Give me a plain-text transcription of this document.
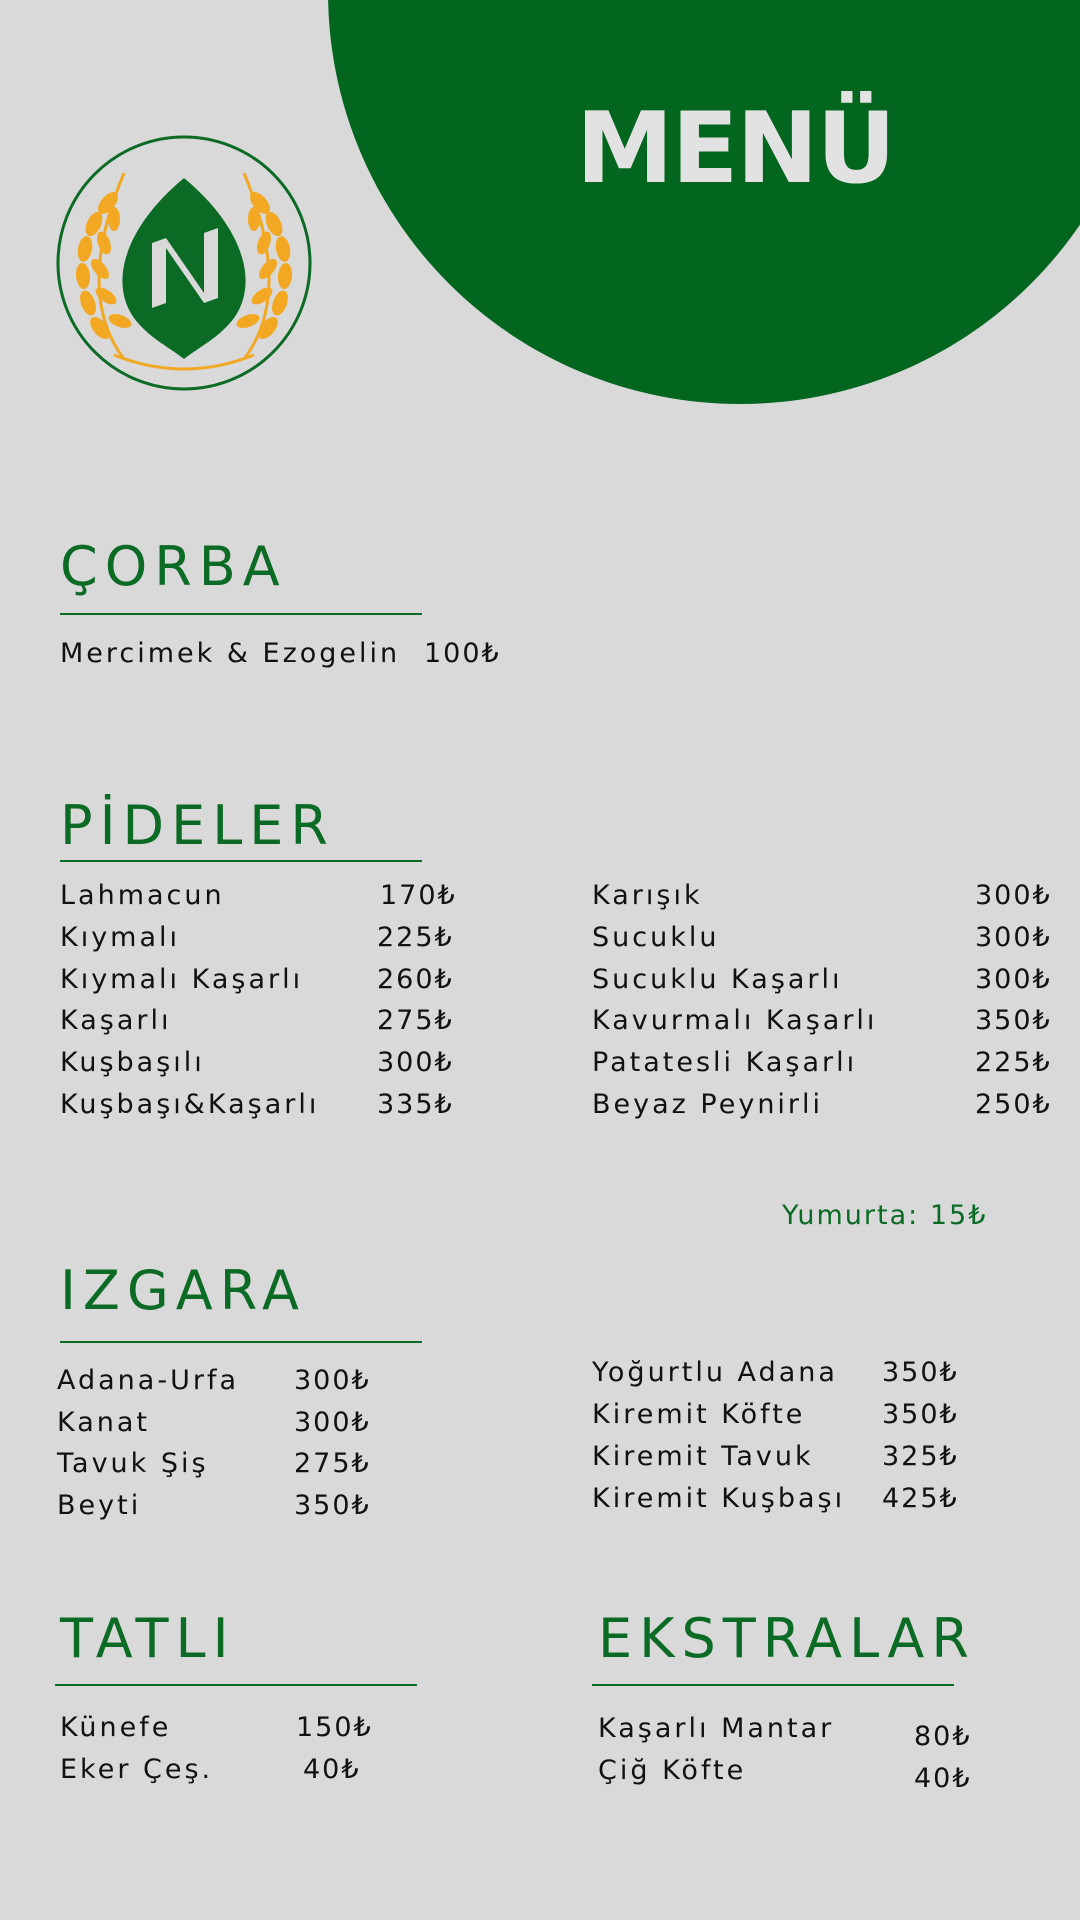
MENÜ
ÇORBA
Mercimek & Ezogelin 100₺
PİDELER
Lahmacun	170₺
Kıymalı	225₺
Kıymalı Kaşarlı	260₺
Kaşarlı	275₺
Kuşbaşılı	300₺
Kuşbaşı&Kaşarlı 335₺
Karışık	300₺
Sucuklu	300₺
Sucuklu Kaşarlı	300₺
Kavurmalı Kaşarlı	350₺
Patatesli Kaşarlı	225₺
Beyaz Peynirli	250₺
Yumurta: 15₺
IZGARA
Adana-Urfa 300₺
Kanat	300₺
Tavuk Şiş	275₺
Beyti	350₺
Yoğurtlu Adana 350₺
Kiremit Köfte	350₺
Kiremit Tavuk	325₺
Kiremit Kuşbaşı 425₺
TATLI
Künefe	150₺
Eker Çeş.	40₺
EKSTRALAR
Kaşarlı Mantar	80₺
Çiğ Köfte	40₺
